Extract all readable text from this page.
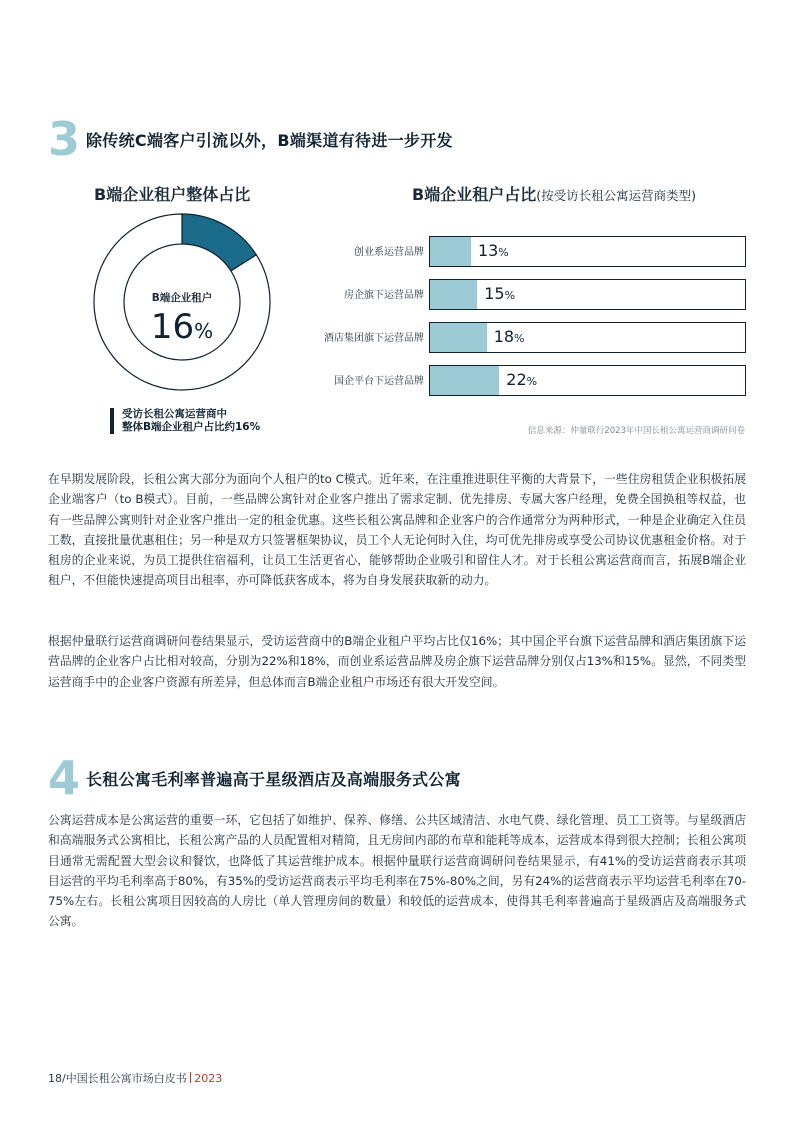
3 除传统C端客户引流以外，B端渠道有待进一步开发
B端企业租户整体占比
B端企业租户
16%
受访长租公寓运营商中
整体B端企业租户占比约16%
B端企业租户占比(按受访长租公寓运营商类型)
创业系运营品牌	13%
房企旗下运营品牌	15%
酒店集团旗下运营品牌	18%
国企平台下运营品牌	22%
信息来源：仲量联行2023年中国长租公寓运营商调研问卷

在早期发展阶段，长租公寓大部分为面向个人租户的to C模式。近年来，在注重推进职住平衡的大背景下，一些住房租赁企业积极拓展企业端客户（to B模式）。目前，一些品牌公寓针对企业客户推出了需求定制、优先排房、专属大客户经理，免费全国换租等权益，也有一些品牌公寓则针对企业客户推出一定的租金优惠。这些长租公寓品牌和企业客户的合作通常分为两种形式，一种是企业确定入住员工数，直接批量优惠租住；另一种是双方只签署框架协议，员工个人无论何时入住，均可优先排房或享受公司协议优惠租金价格。对于租房的企业来说，为员工提供住宿福利，让员工生活更省心，能够帮助企业吸引和留住人才。对于长租公寓运营商而言，拓展B端企业租户，不但能快速提高项目出租率，亦可降低获客成本，将为自身发展获取新的动力。

根据仲量联行运营商调研问卷结果显示，受访运营商中的B端企业租户平均占比仅16%；其中国企平台旗下运营品牌和酒店集团旗下运营品牌的企业客户占比相对较高，分别为22%和18%，而创业系运营品牌及房企旗下运营品牌分别仅占13%和15%。显然，不同类型运营商手中的企业客户资源有所差异，但总体而言B端企业租户市场还有很大开发空间。

4 长租公寓毛利率普遍高于星级酒店及高端服务式公寓

公寓运营成本是公寓运营的重要一环，它包括了如维护、保养、修缮、公共区域清洁、水电气费、绿化管理、员工工资等。与星级酒店和高端服务式公寓相比，长租公寓产品的人员配置相对精简，且无房间内部的布草和能耗等成本，运营成本得到很大控制；长租公寓项目通常无需配置大型会议和餐饮，也降低了其运营维护成本。根据仲量联行运营商调研问卷结果显示，有41%的受访运营商表示其项目运营的平均毛利率高于80%，有35%的受访运营商表示平均毛利率在75%-80%之间，另有24%的运营商表示平均运营毛利率在70-75%左右。长租公寓项目因较高的人房比（单人管理房间的数量）和较低的运营成本，使得其毛利率普遍高于星级酒店及高端服务式公寓。

18/中国长租公寓市场白皮书 2023
